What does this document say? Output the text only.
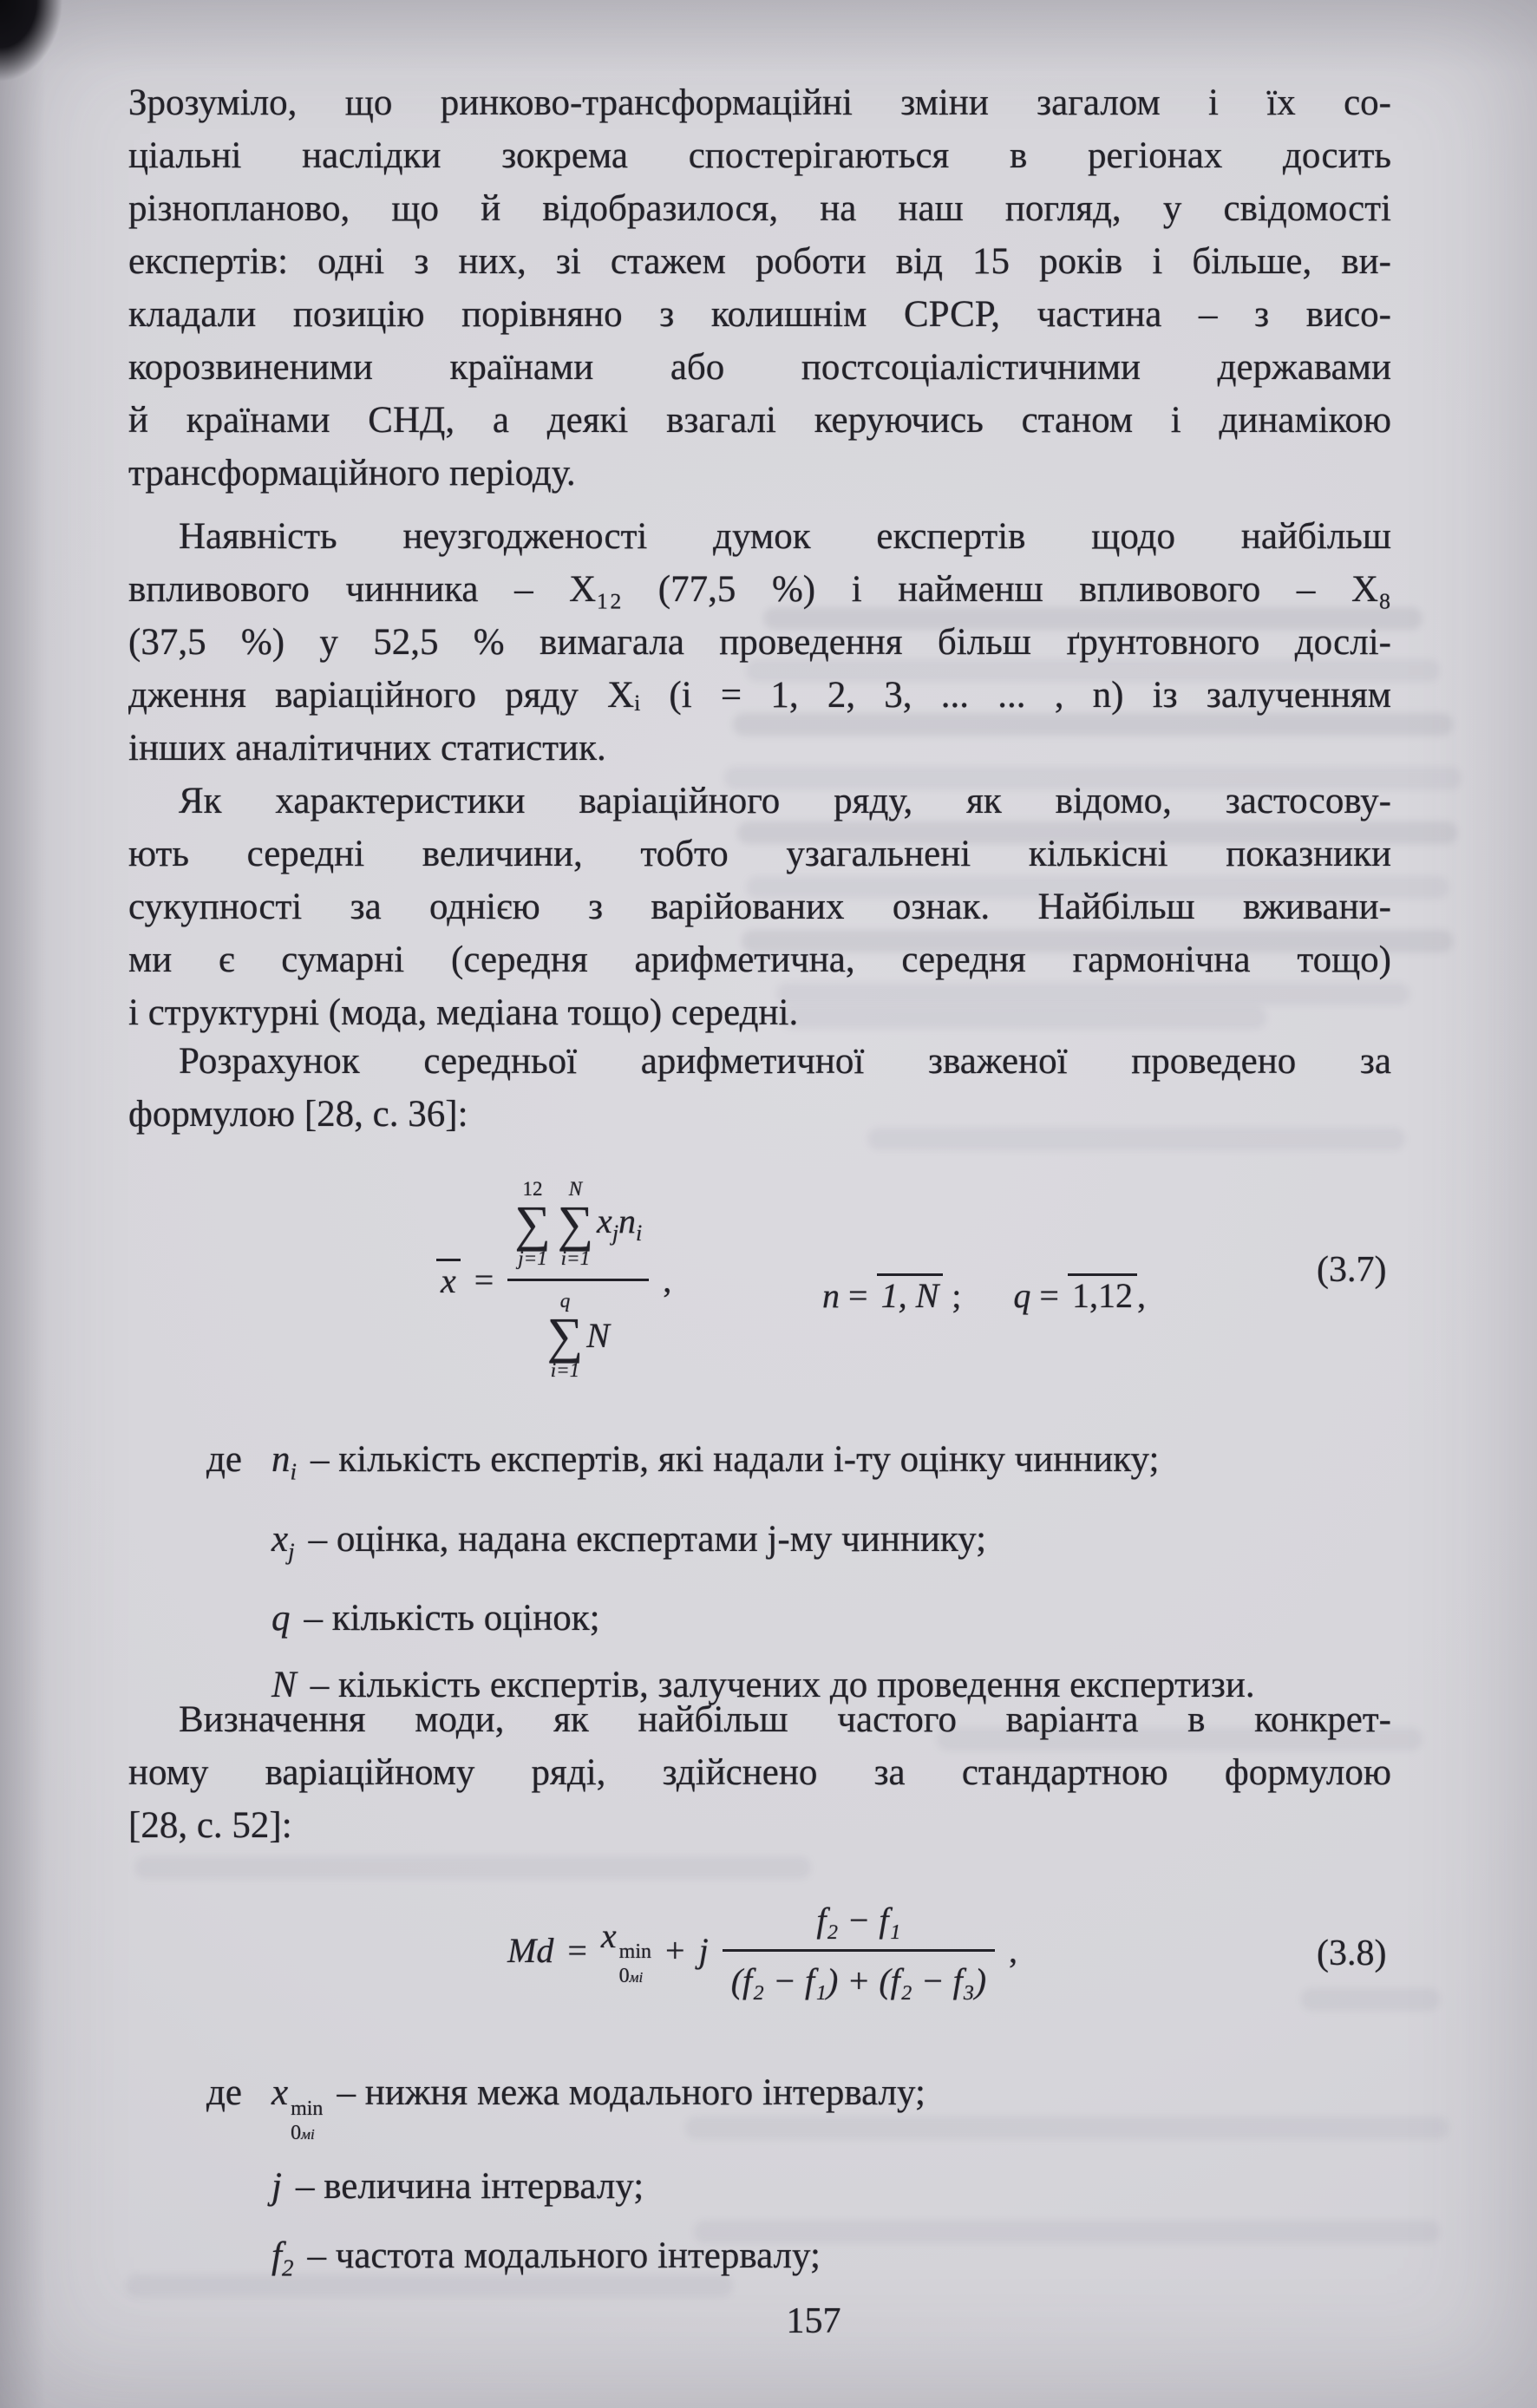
Зрозуміло, що ринково-трансформаційні зміни загалом і їх со-
ціальні наслідки зокрема спостерігаються в регіонах досить
різнопланово, що й відобразилося, на наш погляд, у свідомості
експертів: одні з них, зі стажем роботи від 15 років і більше, ви-
кладали позицію порівняно з колишнім СРСР, частина – з висо-
корозвиненими країнами або постсоціалістичними державами
й країнами СНД, а деякі взагалі керуючись станом і динамікою
трансформаційного періоду.
Наявність неузгодженості думок експертів щодо найбільш
впливового чинника – Х₁₂ (77,5 %) і найменш впливового – Х₈
(37,5 %) у 52,5 % вимагала проведення більш ґрунтовного дослі-
дження варіаційного ряду Хᵢ (i = 1, 2, 3, ... ... , n) із залученням
інших аналітичних статистик.
Як характеристики варіаційного ряду, як відомо, застосову-
ють середні величини, тобто узагальнені кількісні показники
сукупності за однією з варійованих ознак. Найбільш вживани-
ми є сумарні (середня арифметична, середня гармонічна тощо)
і структурні (мода, медіана тощо) середні.
Розрахунок середньої арифметичної зваженої проведено за
формулою [28, с. 36]:
x =
12
∑
j=1
N
∑
i=1
$x_jn_i$
q
∑
i=1
N
,	n = 1, N ; q = 1,12 ,
(3.7)
де $n_i$ – кількість експертів, які надали і-ту оцінку чиннику;
$x_j$ – оцінка, надана експертами j-му чиннику;
q – кількість оцінок;
N – кількість експертів, залучених до проведення експертизи.
Визначення моди, як найбільш частого варіанта в конкрет-
ному варіаційному ряді, здійснено за стандартною формулою
[28, с. 52]:
Md = x min
0мі
+ j $\frac{\text{f₂ − f₁}}{\text{(f₂ − f₁) + (f₂ − f₃)}}$ ,	(3.8)
де x min
0мі
– нижня межа модального інтервалу;
j – величина інтервалу;
$f_2$ – частота модального інтервалу;
157
